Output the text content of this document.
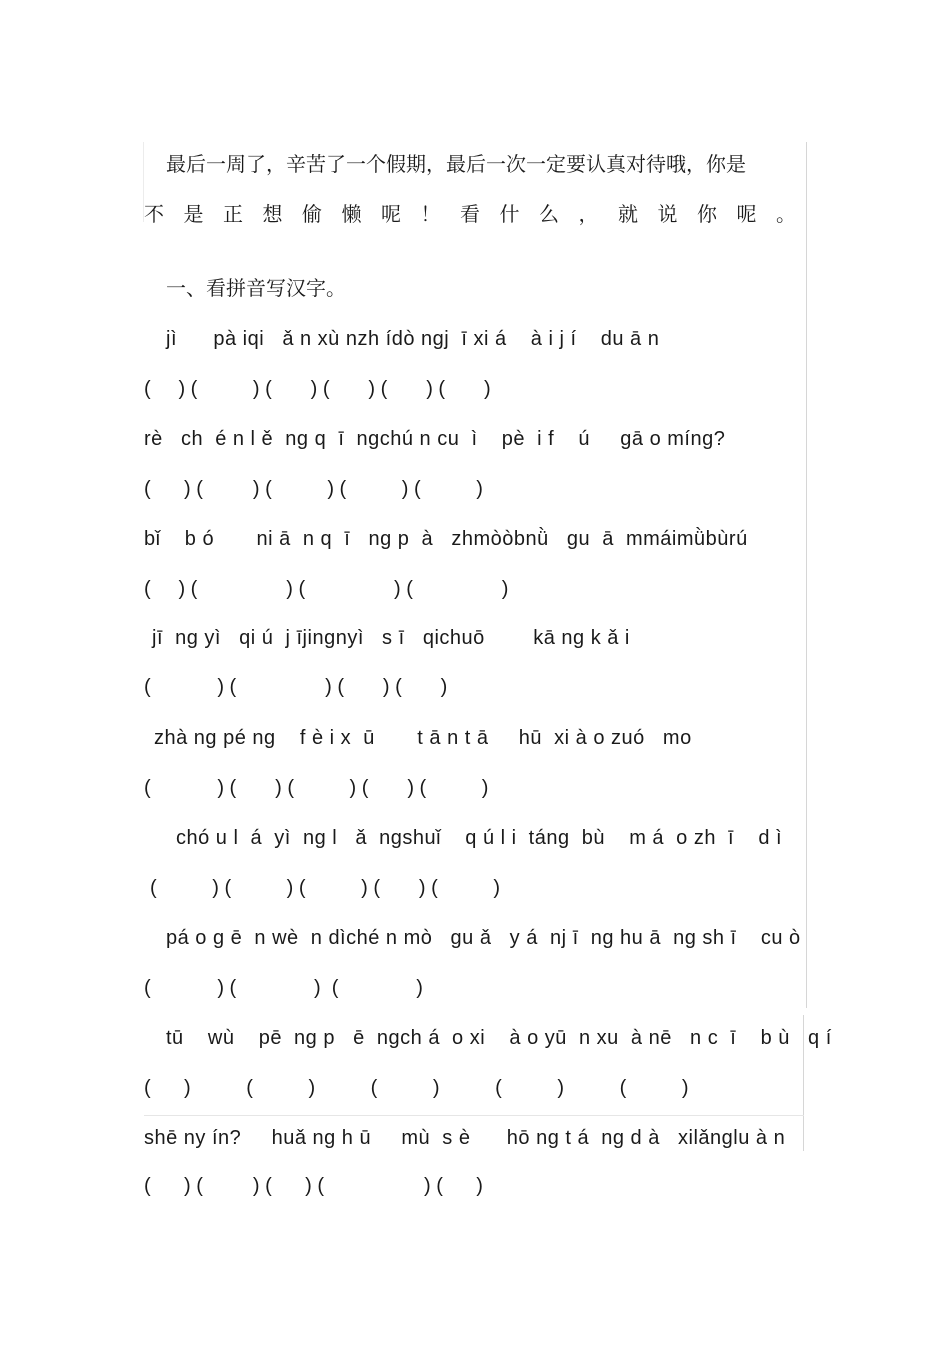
最后一周了，辛苦了一个假期，最后一次一定要认真对待哦，你是
不是正想偷懒呢！看什么，就说你呢。
一、看拼音写汉字。
jì      pà iqi   ǎ n xù nzh ídò ngj  ī xi á    à i j í    du ā n
(     ) (          ) (       ) (       ) (       ) (       )
rè   ch  é n l ě  ng q  ī  ngchú n cu  ì    pè  i f    ú     gā o míng?
(      ) (         ) (          ) (          ) (          )
bǐ    b ó       ni ā  n q  ī   ng p  à   zhmòòbnǜ   gu  ā  mmáimǜbùrú
(     ) (                ) (                ) (                )
jī  ng yì   qi ú  j ījingnyì   s ī   qichuō        kā ng k ǎ i
(            ) (                ) (       ) (       )
zhà ng pé ng    f è i x  ū       t ā n t ā     hū  xi à o zuó   mo
(            ) (       ) (          ) (       ) (          )
chó u l  á  yì  ng l   ǎ  ngshuǐ    q ú l i  táng  bù    m á  o zh  ī    d ì
(          ) (          ) (          ) (       ) (          )
pá o g ē  n wè  n dìché n mò   gu ǎ   y á  nj ī  ng hu ā  ng sh ī    cu ò
(            ) (              )  (              )
tū    wù    pē  ng p   ē  ngch á  o xi    à o yū  n xu  à nē   n c  ī    b ù   q í
(      )          (          )          (          )          (          )          (          )
shē ny ín?     huǎ ng h ū     mù  s è      hō ng t á  ng d à   xilǎnglu à n
(      ) (         ) (      ) (                  ) (      )
